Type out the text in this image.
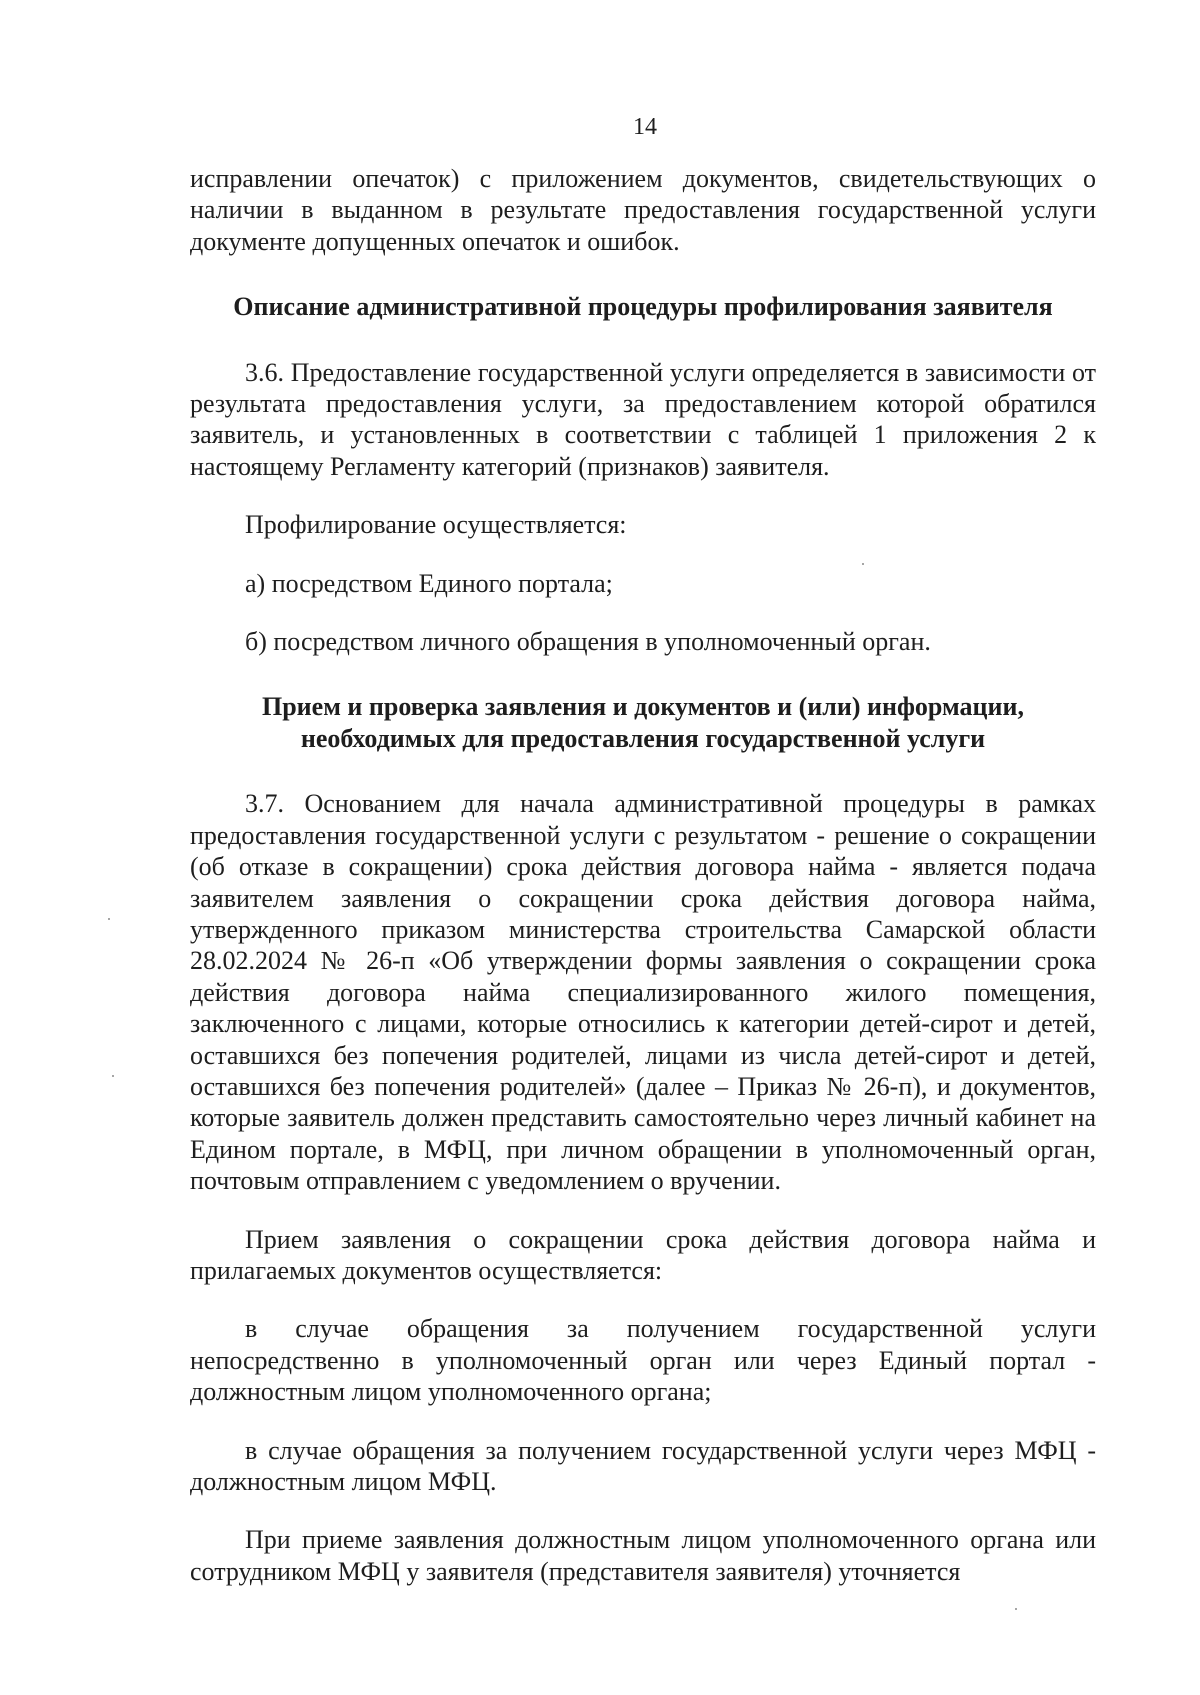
14

исправлении опечаток) с приложением документов, свидетельствующих о наличии в выданном в результате предоставления государственной услуги документе допущенных опечаток и ошибок.

Описание административной процедуры профилирования заявителя

3.6. Предоставление государственной услуги определяется в зависимости от результата предоставления услуги, за предоставлением которой обратился заявитель, и установленных в соответствии с таблицей 1 приложения 2 к настоящему Регламенту категорий (признаков) заявителя.

Профилирование осуществляется:

а) посредством Единого портала;

б) посредством личного обращения в уполномоченный орган.

Прием и проверка заявления и документов и (или) информации,
необходимых для предоставления государственной услуги

3.7. Основанием для начала административной процедуры в рамках предоставления государственной услуги с результатом - решение о сокращении (об отказе в сокращении) срока действия договора найма - является подача заявителем заявления о сокращении срока действия договора найма, утвержденного приказом министерства строительства Самарской области 28.02.2024 № 26-п «Об утверждении формы заявления о сокращении срока действия договора найма специализированного жилого помещения, заключенного с лицами, которые относились к категории детей-сирот и детей, оставшихся без попечения родителей, лицами из числа детей-сирот и детей, оставшихся без попечения родителей» (далее – Приказ № 26-п), и документов, которые заявитель должен представить самостоятельно через личный кабинет на Едином портале, в МФЦ, при личном обращении в уполномоченный орган, почтовым отправлением с уведомлением о вручении.

Прием заявления о сокращении срока действия договора найма и прилагаемых документов осуществляется:

в случае обращения за получением государственной услуги непосредственно в уполномоченный орган или через Единый портал - должностным лицом уполномоченного органа;

в случае обращения за получением государственной услуги через МФЦ - должностным лицом МФЦ.

При приеме заявления должностным лицом уполномоченного органа или сотрудником МФЦ у заявителя (представителя заявителя) уточняется
